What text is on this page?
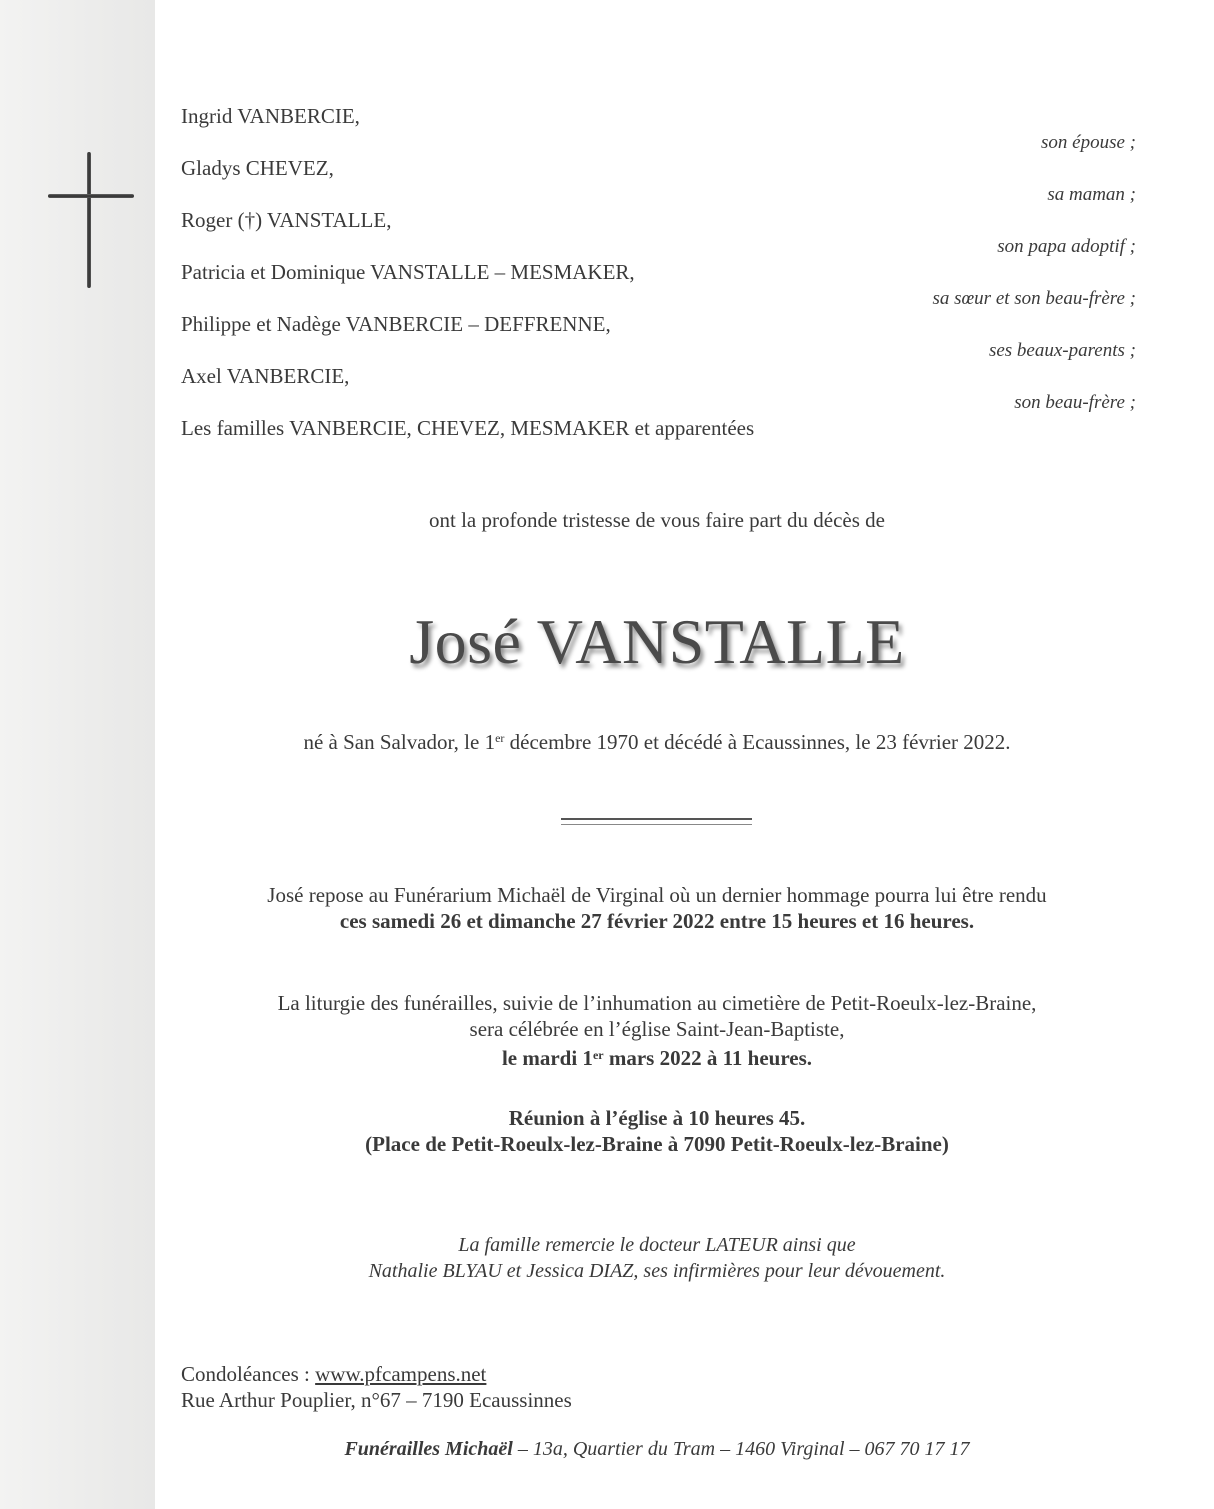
Ingrid VANBERCIE,
son épouse ;
Gladys CHEVEZ,
sa maman ;
Roger (†) VANSTALLE,
son papa adoptif ;
Patricia et Dominique VANSTALLE – MESMAKER,
sa sœur et son beau-frère ;
Philippe et Nadège VANBERCIE – DEFFRENNE,
ses beaux-parents ;
Axel VANBERCIE,
son beau-frère ;
Les familles VANBERCIE, CHEVEZ, MESMAKER et apparentées
ont la profonde tristesse de vous faire part du décès de
José VANSTALLE
né à San Salvador, le 1er décembre 1970 et décédé à Ecaussinnes, le 23 février 2022.
José repose au Funérarium Michaël de Virginal où un dernier hommage pourra lui être rendu
ces samedi 26 et dimanche 27 février 2022 entre 15 heures et 16 heures.
La liturgie des funérailles, suivie de l’inhumation au cimetière de Petit-Roeulx-lez-Braine,
sera célébrée en l’église Saint-Jean-Baptiste,
le mardi 1er mars 2022 à 11 heures.
Réunion à l’église à 10 heures 45.
(Place de Petit-Roeulx-lez-Braine à 7090 Petit-Roeulx-lez-Braine)
La famille remercie le docteur LATEUR ainsi que
Nathalie BLYAU et Jessica DIAZ, ses infirmières pour leur dévouement.
Condoléances : www.pfcampens.net
Rue Arthur Pouplier, n°67 – 7190 Ecaussinnes
Funérailles Michaël – 13a, Quartier du Tram – 1460 Virginal – 067 70 17 17
